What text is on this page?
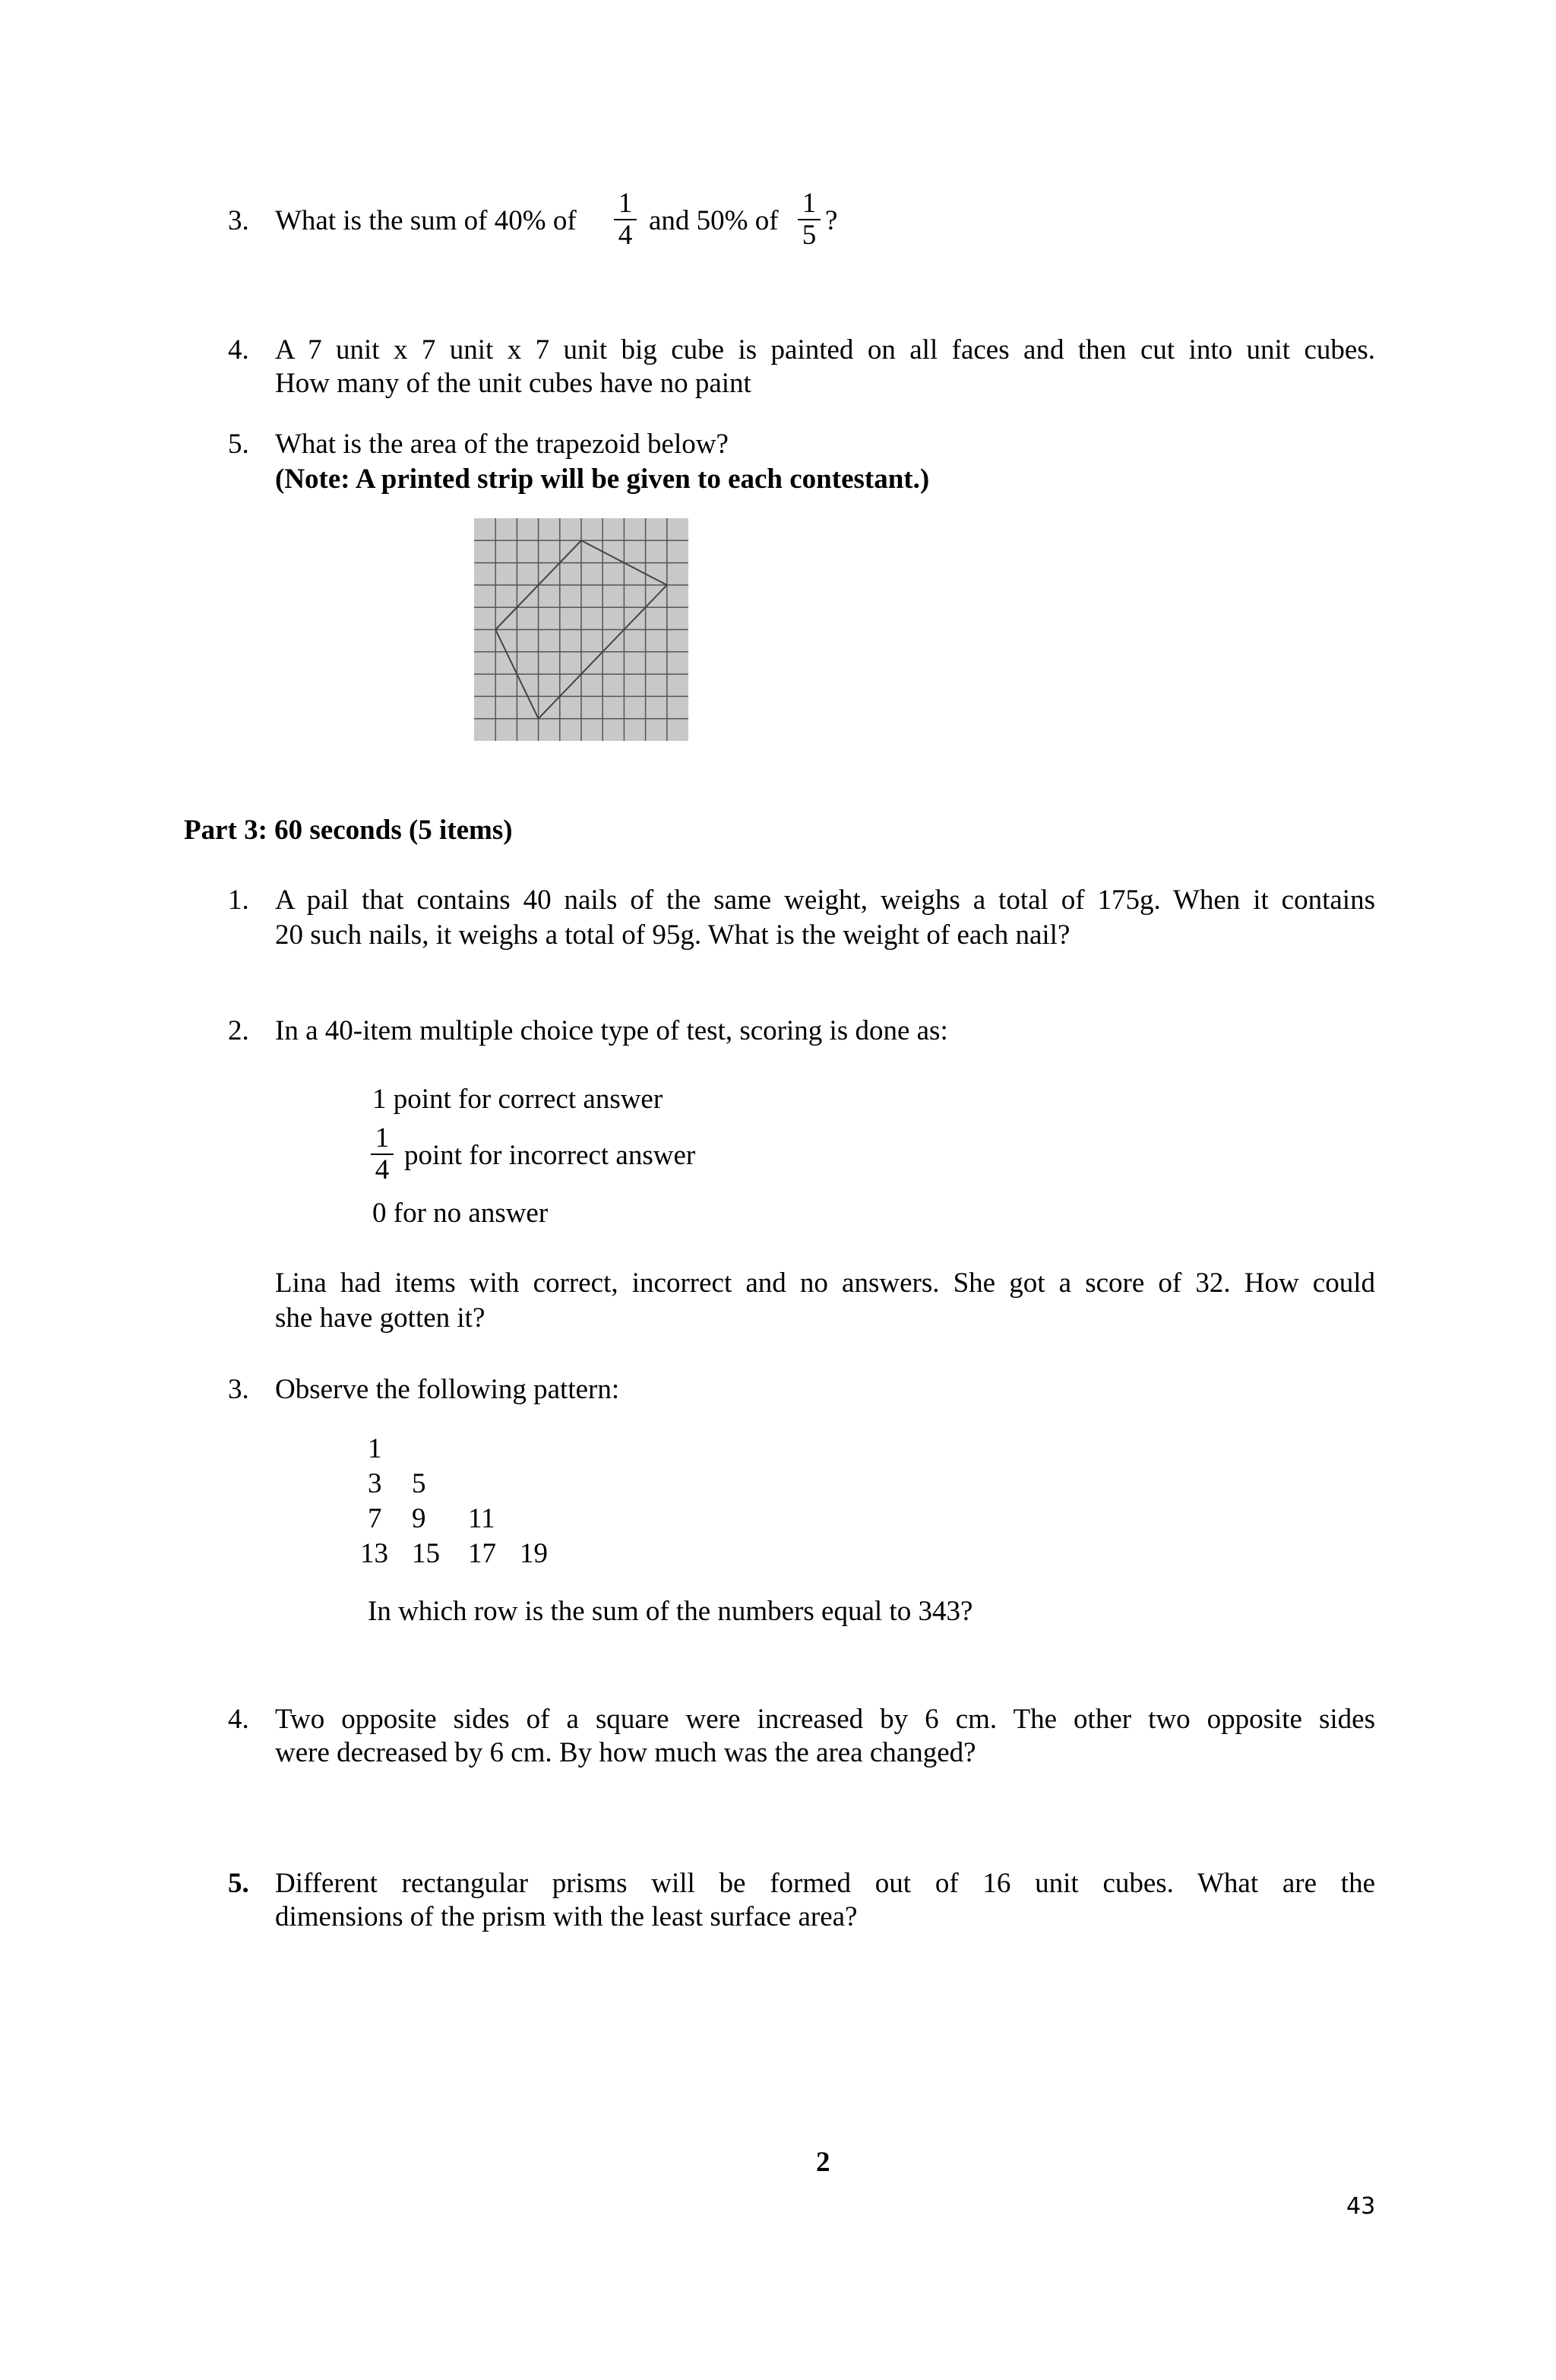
3. What is the sum of 40% of
1
4 and 50% of
1
5 ?
4. A 7 unit x 7 unit x 7 unit big cube is painted on all faces and then cut into unit cubes.
How many of the unit cubes have no paint
5. What is the area of the trapezoid below?
(Note: A printed strip will be given to each contestant.)
Part 3: 60 seconds (5 items)
1. A pail that contains 40 nails of the same weight, weighs a total of 175g. When it contains
20 such nails, it weighs a total of 95g. What is the weight of each nail?
2. In a 40-item multiple choice type of test, scoring is done as:
1 point for correct answer
1
4 point for incorrect answer
0 for no answer
Lina had items with correct, incorrect and no answers. She got a score of 32. How could
she have gotten it?
3. Observe the following pattern:
1
3 5
7 9 11
13 15 17 19
In which row is the sum of the numbers equal to 343?
4. Two opposite sides of a square were increased by 6 cm. The other two opposite sides
were decreased by 6 cm. By how much was the area changed?
5. Different rectangular prisms will be formed out of 16 unit cubes. What are the
dimensions of the prism with the least surface area?
2
43
